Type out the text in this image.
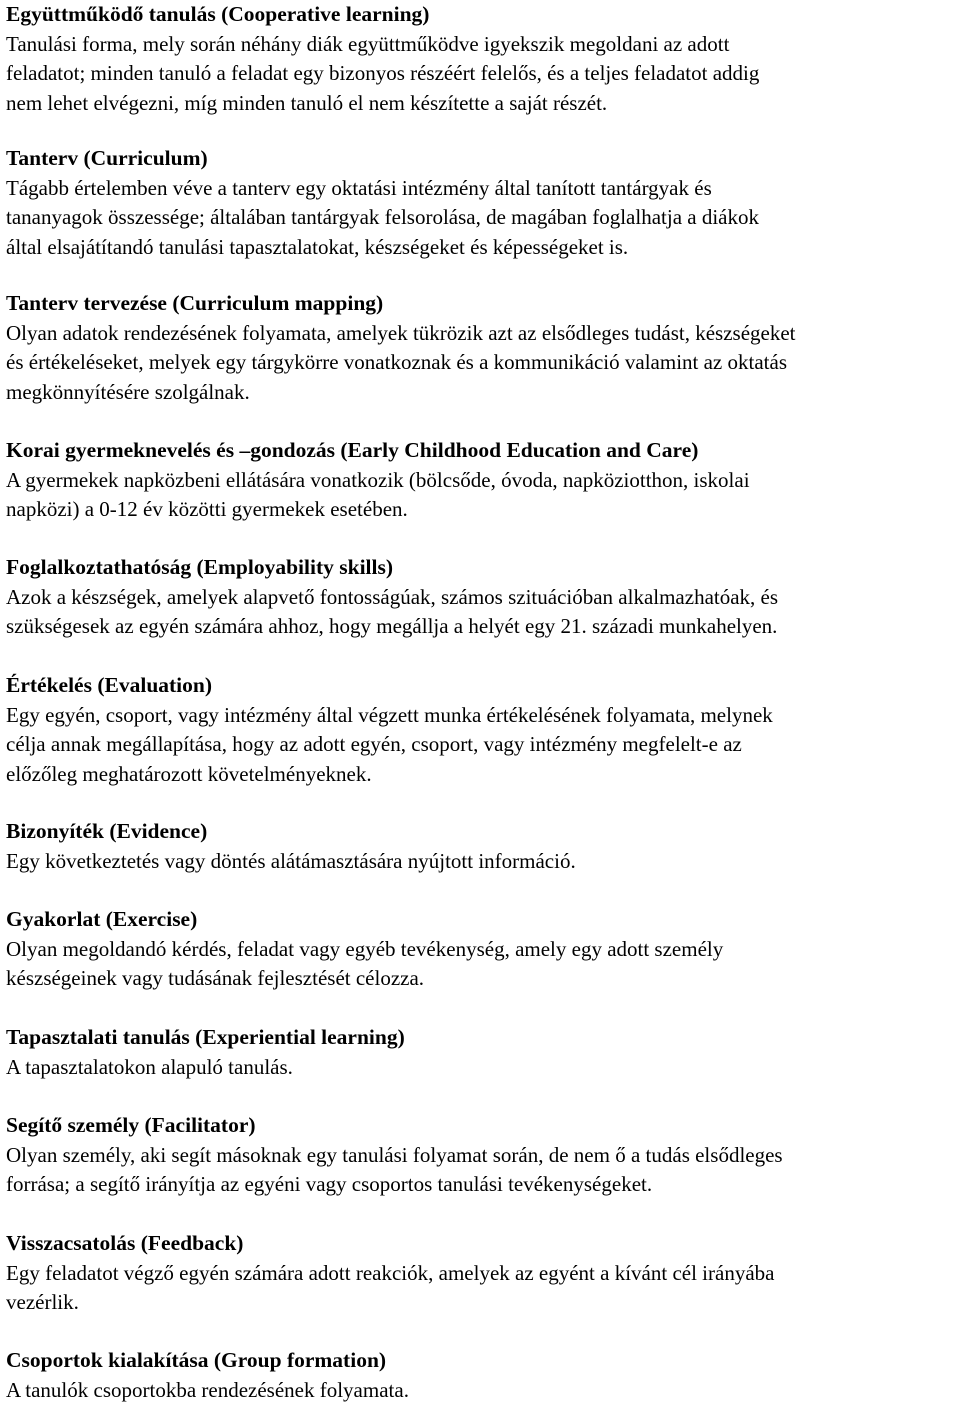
Együttműködő tanulás (Cooperative learning)
Tanulási forma, mely során néhány diák együttműködve igyekszik megoldani az adott
feladatot; minden tanuló a feladat egy bizonyos részéért felelős, és a teljes feladatot addig
nem lehet elvégezni, míg minden tanuló el nem készítette a saját részét.
Tanterv (Curriculum)
Tágabb értelemben véve a tanterv egy oktatási intézmény által tanított tantárgyak és
tananyagok összessége; általában tantárgyak felsorolása, de magában foglalhatja a diákok
által elsajátítandó tanulási tapasztalatokat, készségeket és képességeket is.
Tanterv tervezése (Curriculum mapping)
Olyan adatok rendezésének folyamata, amelyek tükrözik azt az elsődleges tudást, készségeket
és értékeléseket, melyek egy tárgykörre vonatkoznak és a kommunikáció valamint az oktatás
megkönnyítésére szolgálnak.
Korai gyermeknevelés és –gondozás (Early Childhood Education and Care)
A gyermekek napközbeni ellátására vonatkozik (bölcsőde, óvoda, napköziotthon, iskolai
napközi) a 0-12 év közötti gyermekek esetében.
Foglalkoztathatóság (Employability skills)
Azok a készségek, amelyek alapvető fontosságúak, számos szituációban alkalmazhatóak, és
szükségesek az egyén számára ahhoz, hogy megállja a helyét egy 21. századi munkahelyen.
Értékelés (Evaluation)
Egy egyén, csoport, vagy intézmény által végzett munka értékelésének folyamata, melynek
célja annak megállapítása, hogy az adott egyén, csoport, vagy intézmény megfelelt-e az
előzőleg meghatározott követelményeknek.
Bizonyíték (Evidence)
Egy következtetés vagy döntés alátámasztására nyújtott információ.
Gyakorlat (Exercise)
Olyan megoldandó kérdés, feladat vagy egyéb tevékenység, amely egy adott személy
készségeinek vagy tudásának fejlesztését célozza.
Tapasztalati tanulás (Experiential learning)
A tapasztalatokon alapuló tanulás.
Segítő személy (Facilitator)
Olyan személy, aki segít másoknak egy tanulási folyamat során, de nem ő a tudás elsődleges
forrása; a segítő irányítja az egyéni vagy csoportos tanulási tevékenységeket.
Visszacsatolás (Feedback)
Egy feladatot végző egyén számára adott reakciók, amelyek az egyént a kívánt cél irányába
vezérlik.
Csoportok kialakítása (Group formation)
A tanulók csoportokba rendezésének folyamata.
